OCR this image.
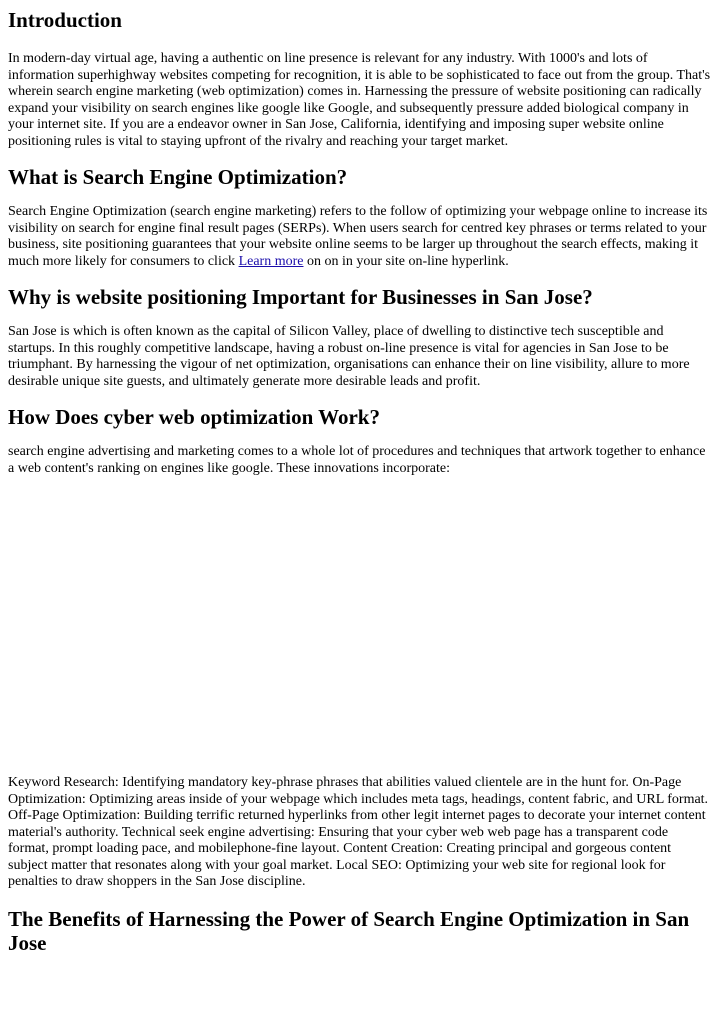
Introduction

In modern-day virtual age, having a authentic on line presence is relevant for any industry. With 1000's and lots of information superhighway websites competing for recognition, it is able to be sophisticated to face out from the group. That's wherein search engine marketing (web optimization) comes in. Harnessing the pressure of website positioning can radically expand your visibility on search engines like google like Google, and subsequently pressure added biological company in your internet site. If you are a endeavor owner in San Jose, California, identifying and imposing super website online positioning rules is vital to staying upfront of the rivalry and reaching your target market.

What is Search Engine Optimization?

Search Engine Optimization (search engine marketing) refers to the follow of optimizing your webpage online to increase its visibility on search for engine final result pages (SERPs). When users search for centred key phrases or terms related to your business, site positioning guarantees that your website online seems to be larger up throughout the search effects, making it much more likely for consumers to click Learn more on on in your site on-line hyperlink.

Why is website positioning Important for Businesses in San Jose?

San Jose is which is often known as the capital of Silicon Valley, place of dwelling to distinctive tech susceptible and startups. In this roughly competitive landscape, having a robust on-line presence is vital for agencies in San Jose to be triumphant. By harnessing the vigour of net optimization, organisations can enhance their on line visibility, allure to more desirable unique site guests, and ultimately generate more desirable leads and profit.

How Does cyber web optimization Work?

search engine advertising and marketing comes to a whole lot of procedures and techniques that artwork together to enhance a web content's ranking on engines like google. These innovations incorporate:

Keyword Research: Identifying mandatory key-phrase phrases that abilities valued clientele are in the hunt for. On-Page Optimization: Optimizing areas inside of your webpage which includes meta tags, headings, content fabric, and URL format. Off-Page Optimization: Building terrific returned hyperlinks from other legit internet pages to decorate your internet content material's authority. Technical seek engine advertising: Ensuring that your cyber web web page has a transparent code format, prompt loading pace, and mobilephone-fine layout. Content Creation: Creating principal and gorgeous content subject matter that resonates along with your goal market. Local SEO: Optimizing your web site for regional look for penalties to draw shoppers in the San Jose discipline.

The Benefits of Harnessing the Power of Search Engine Optimization in San Jose
